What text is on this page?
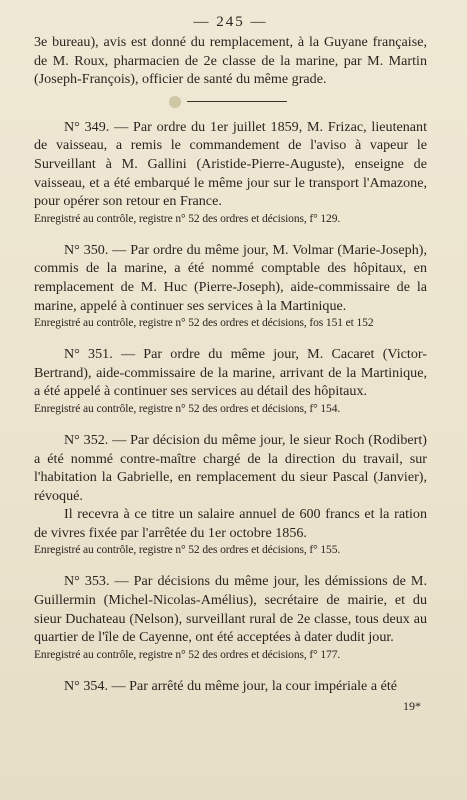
— 245 —

3e bureau), avis est donné du remplacement, à la Guyane française, de M. Roux, pharmacien de 2e classe de la marine, par M. Martin (Joseph-François), officier de santé du même grade.

N° 349. — Par ordre du 1er juillet 1859, M. Frizac, lieutenant de vaisseau, a remis le commandement de l'aviso à vapeur le Surveillant à M. Gallini (Aristide-Pierre-Auguste), enseigne de vaisseau, et a été embarqué le même jour sur le transport l'Amazone, pour opérer son retour en France.

Enregistré au contrôle, registre n° 52 des ordres et décisions, f° 129.

N° 350. — Par ordre du même jour, M. Volmar (Marie-Joseph), commis de la marine, a été nommé comptable des hôpitaux, en remplacement de M. Huc (Pierre-Joseph), aide-commissaire de la marine, appelé à continuer ses services à la Martinique.

Enregistré au contrôle, registre n° 52 des ordres et décisions, fos 151 et 152

N° 351. — Par ordre du même jour, M. Cacaret (Victor-Bertrand), aide-commissaire de la marine, arrivant de la Martinique, a été appelé à continuer ses services au détail des hôpitaux.

Enregistré au contrôle, registre n° 52 des ordres et décisions, f° 154.

N° 352. — Par décision du même jour, le sieur Roch (Rodibert) a été nommé contre-maître chargé de la direction du travail, sur l'habitation la Gabrielle, en remplacement du sieur Pascal (Janvier), révoqué.

Il recevra à ce titre un salaire annuel de 600 francs et la ration de vivres fixée par l'arrêtée du 1er octobre 1856.

Enregistré au contrôle, registre n° 52 des ordres et décisions, f° 155.

N° 353. — Par décisions du même jour, les démissions de M. Guillermin (Michel-Nicolas-Amélius), secrétaire de mairie, et du sieur Duchateau (Nelson), surveillant rural de 2e classe, tous deux au quartier de l'île de Cayenne, ont été acceptées à dater dudit jour.

Enregistré au contrôle, registre n° 52 des ordres et décisions, f° 177.

N° 354. — Par arrêté du même jour, la cour impériale a été

19*
